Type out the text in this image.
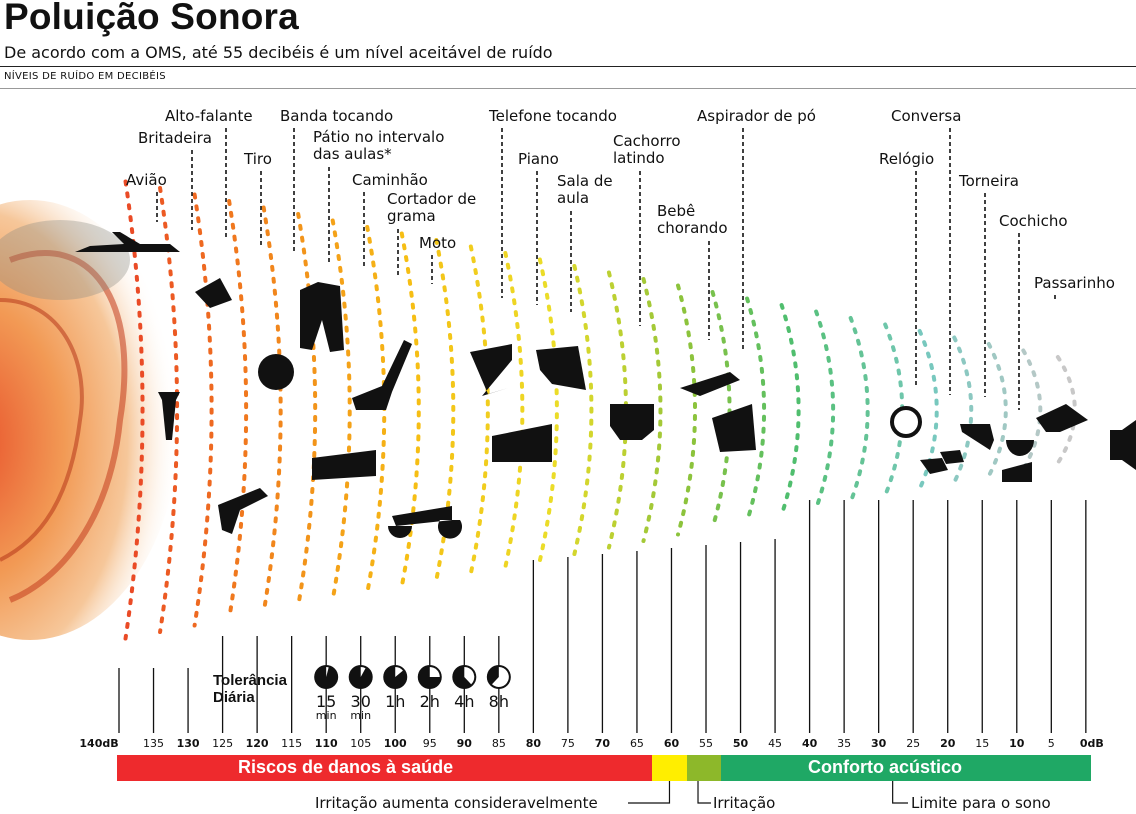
Poluição Sonora
De acordo com a OMS, até 55 decibéis é um nível aceitável de ruído
NÍVEIS DE RUÍDO EM DECIBÉIS
Avião
Britadeira
Alto-falante
Tiro
Banda tocando
Pátio no intervalo das aulas*
Caminhão
Cortador de grama
Moto
Telefone tocando
Piano
Sala de aula
Cachorro latindo
Bebê chorando
Aspirador de pó
Relógio
Conversa
Torneira
Cochicho
Passarinho
140dB 135 130 125 120 115 110 105 100 95 90 85 80 75 70 65 60 55 50 45 40 35 30 25 20 15 10 5 0dB
Tolerância Diária	15
min
30
min
1h 2h 4h 8h
Riscos de danos à saúde	Conforto acústico
Irritação aumenta consideravelmente	Irritação	Limite para o sono
